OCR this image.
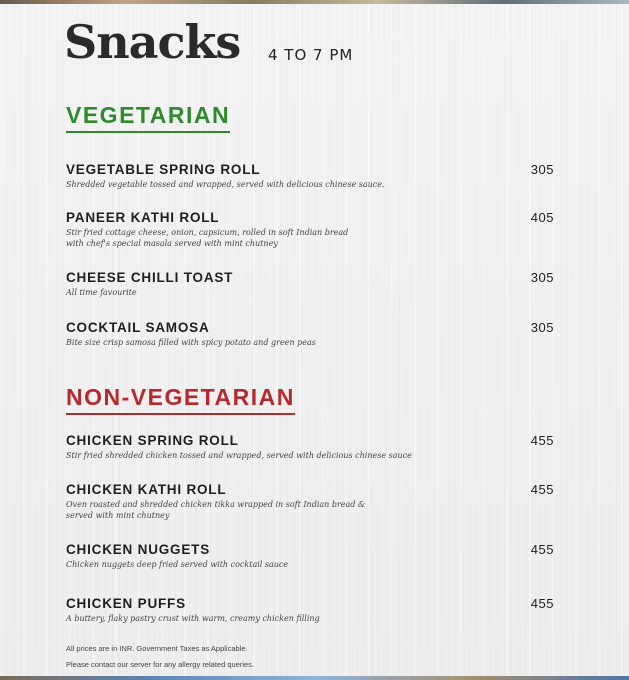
Snacks 4 TO 7 PM
VEGETARIAN
VEGETABLE SPRING ROLL
Shredded vegetable tossed and wrapped, served with delicious chinese sauce.
305
PANEER KATHI ROLL
Stir fried cottage cheese, onion, capsicum, rolled in soft Indian bread with chef's special masala served with mint chutney
405
CHEESE CHILLI TOAST
All time favourite
305
COCKTAIL SAMOSA
Bite size crisp samosa filled with spicy potato and green peas
305
NON-VEGETARIAN
CHICKEN SPRING ROLL
Stir fried shredded chicken tossed and wrapped, served with delicious chinese sauce
455
CHICKEN KATHI ROLL
Oven roasted and shredded chicken tikka wrapped in soft Indian bread & served with mint chutney
455
CHICKEN NUGGETS
Chicken nuggets deep fried served with cocktail sauce
455
CHICKEN PUFFS
A buttery, flaky pastry crust with warm, creamy chicken filling
455
All prices are in INR. Government Taxes as Applicable.
Please contact our server for any allergy related queries.
